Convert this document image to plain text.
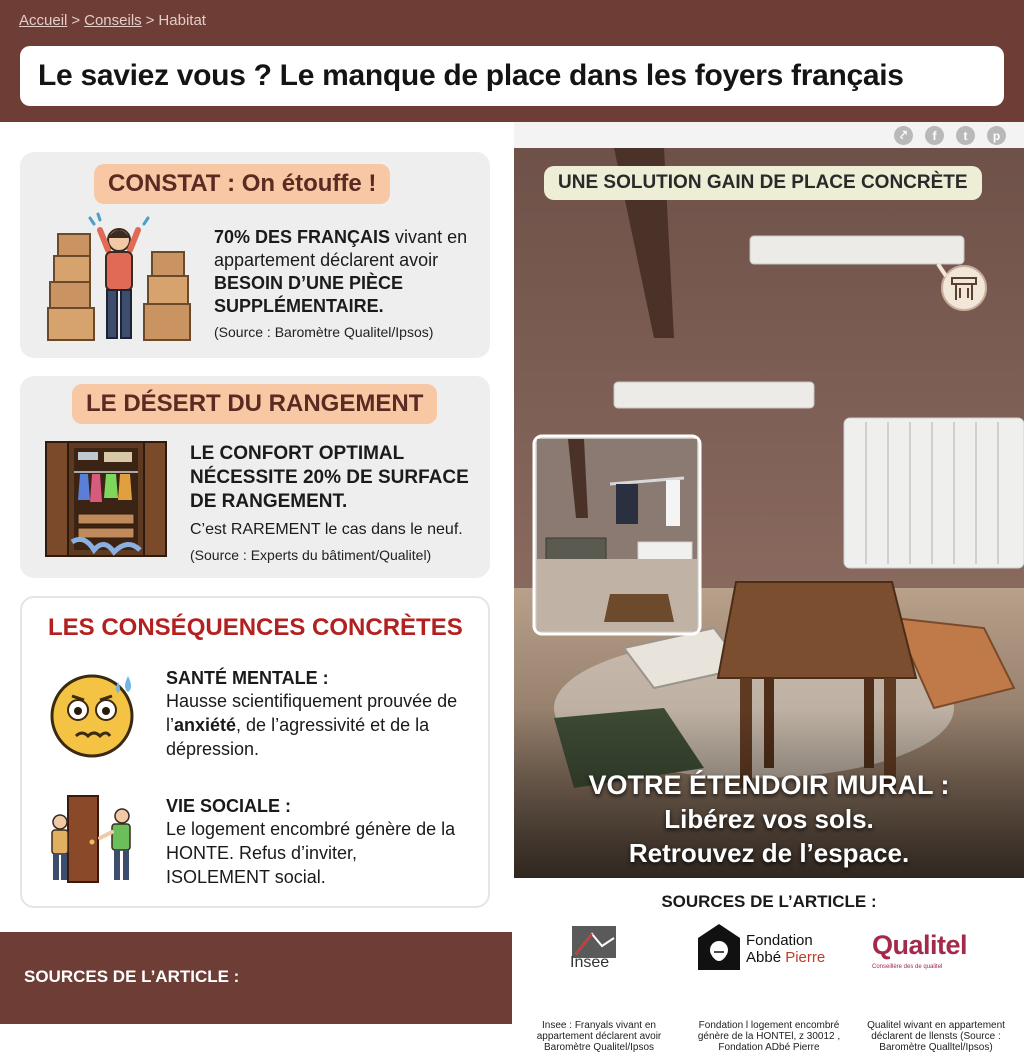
Accueil > Conseils > Habitat
Le saviez vous ? Le manque de place dans les foyers français
CONSTAT : On étouffe !
70% DES FRANÇAIS vivant en appartement déclarent avoir BESOIN D’UNE PIÈCE SUPPLÉMENTAIRE.
(Source : Baromètre Qualitel/Ipsos)
LE DÉSERT DU RANGEMENT
LE CONFORT OPTIMAL NÉCESSITE 20% DE SURFACE DE RANGEMENT.
C’est RAREMENT le cas dans le neuf.
(Source : Experts du bâtiment/Qualitel)
LES CONSÉQUENCES CONCRÈTES
SANTÉ MENTALE :
Hausse scientifiquement prouvée de l’anxiété, de l’agressivité et de la dépression.
VIE SOCIALE :
Le logement encombré génère de la HONTE. Refus d’inviter, ISOLEMENT social.
SOURCES DE L’ARTICLE :
⤤	f	t	p
UNE SOLUTION GAIN DE PLACE CONCRÈTE
VOTRE ÉTENDOIR MURAL :
Libérez vos sols.
Retrouvez de l’espace.
SOURCES DE L’ARTICLE :
Insee
Insee : Franyals vivant en appartement déclarent avoir Baromètre Qualitel/Ipsos
Fondation
Abbé Pierre
Fondation l logement encombré génère de la HONTEl, z 30012 , Fondation ADbé Pierre
Qualitel
Conseillère des de qualitel
Qualitel wivant en appartement déclarent de llensts (Source : Baromètre Qualltel/Ipsos)
